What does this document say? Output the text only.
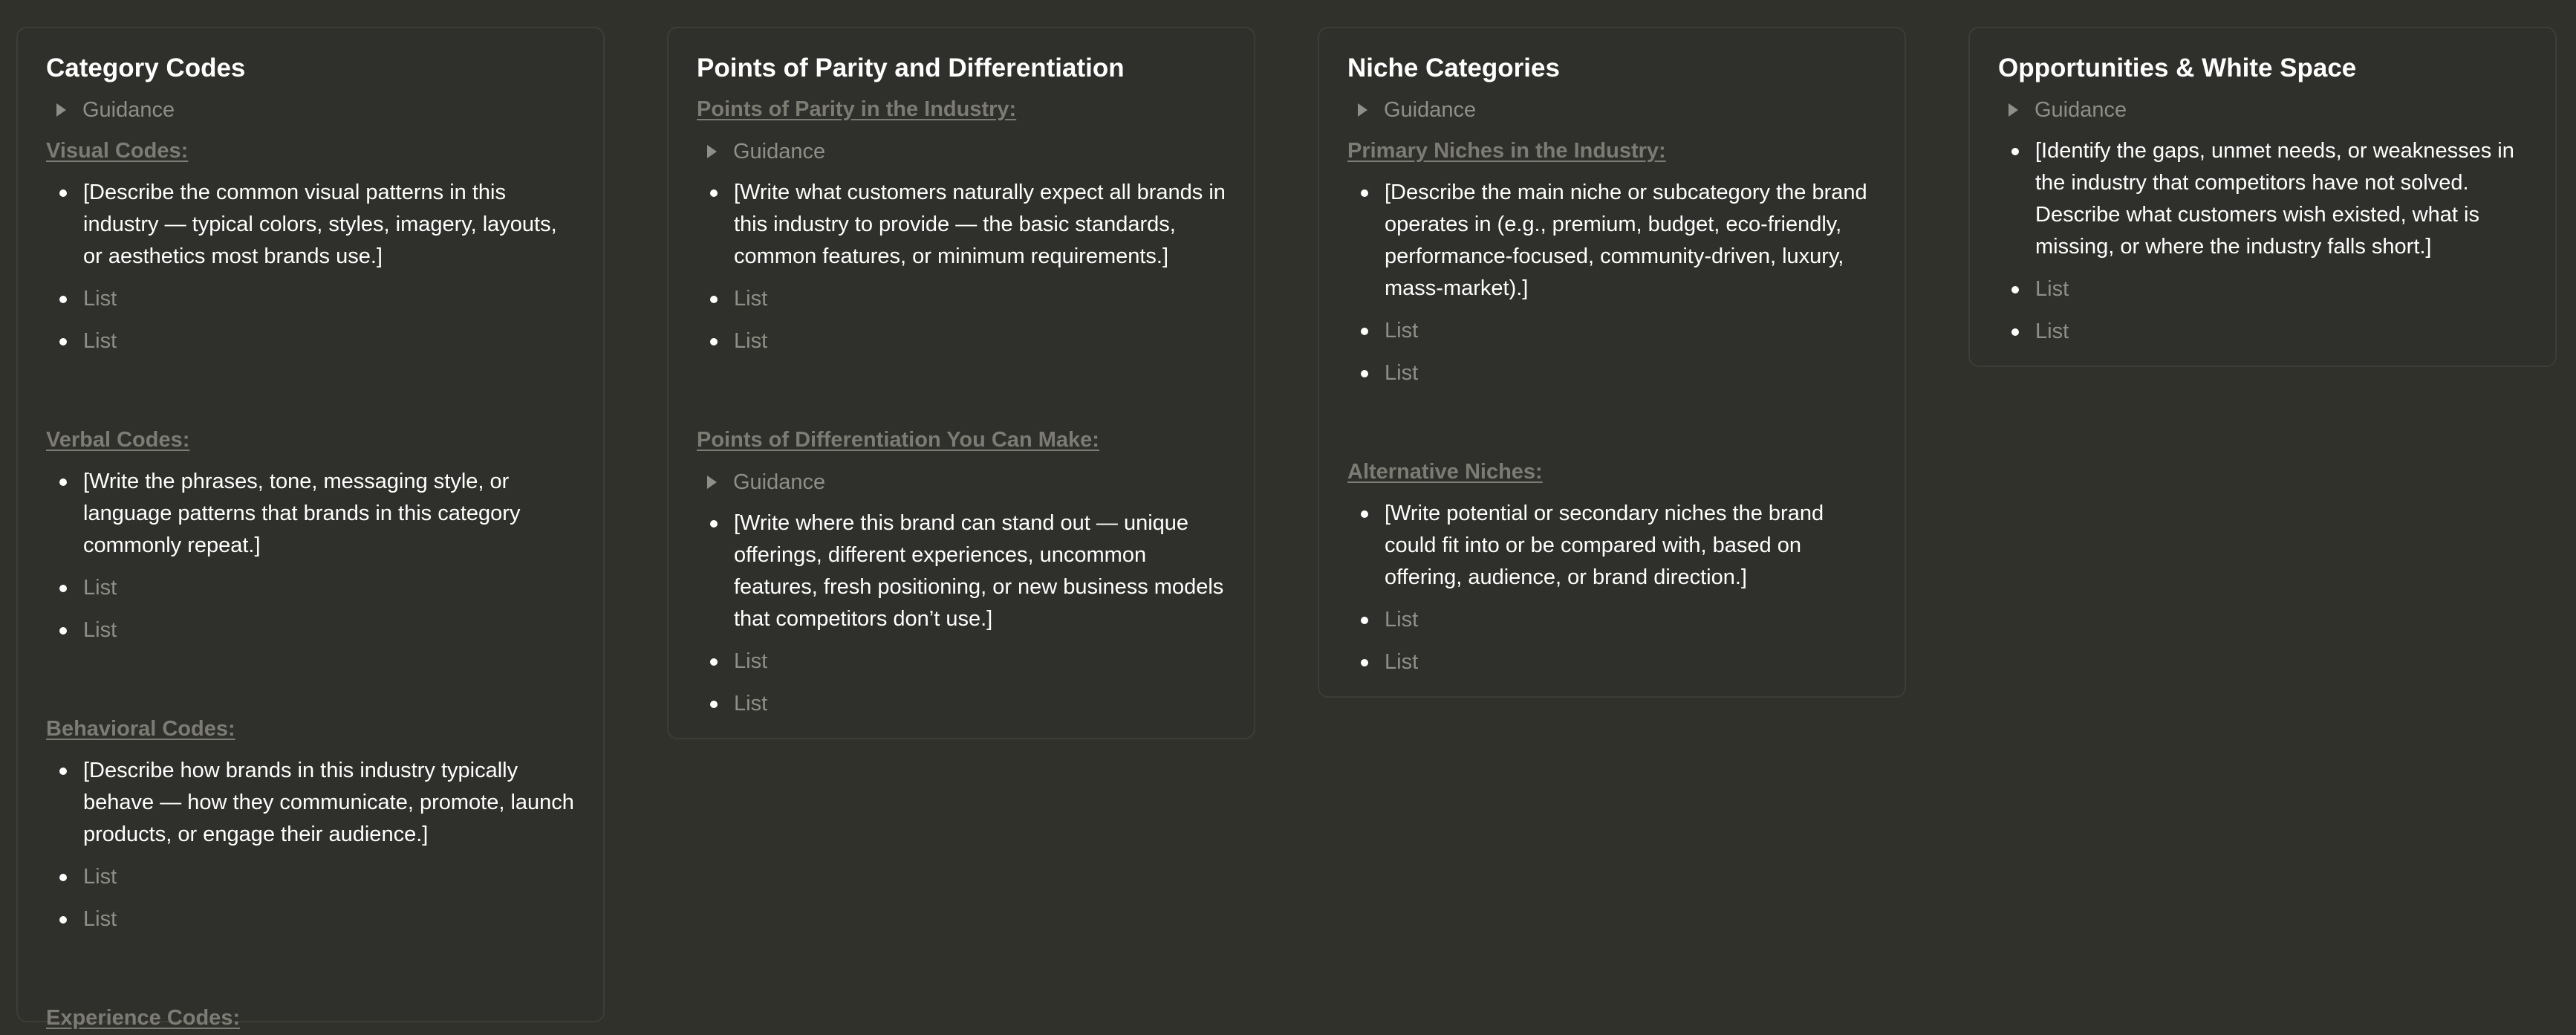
Category Codes
Guidance
Visual Codes:
[Describe the common visual patterns in this industry — typical colors, styles, imagery, layouts, or aesthetics most brands use.]
List
List
Verbal Codes:
[Write the phrases, tone, messaging style, or language patterns that brands in this category commonly repeat.]
List
List
Behavioral Codes:
[Describe how brands in this industry typically behave — how they communicate, promote, launch products, or engage their audience.]
List
List
Experience Codes:
Points of Parity and Differentiation
Points of Parity in the Industry:
Guidance
[Write what customers naturally expect all brands in this industry to provide — the basic standards, common features, or minimum requirements.]
List
List
Points of Differentiation You Can Make:
Guidance
[Write where this brand can stand out — unique offerings, different experiences, uncommon features, fresh positioning, or new business models that competitors don’t use.]
List
List
Niche Categories
Guidance
Primary Niches in the Industry:
[Describe the main niche or subcategory the brand operates in (e.g., premium, budget, eco-friendly, performance-focused, community-driven, luxury, mass-market).]
List
List
Alternative Niches:
[Write potential or secondary niches the brand could fit into or be compared with, based on offering, audience, or brand direction.]
List
List
Opportunities & White Space
Guidance
[Identify the gaps, unmet needs, or weaknesses in the industry that competitors have not solved. Describe what customers wish existed, what is missing, or where the industry falls short.]
List
List
